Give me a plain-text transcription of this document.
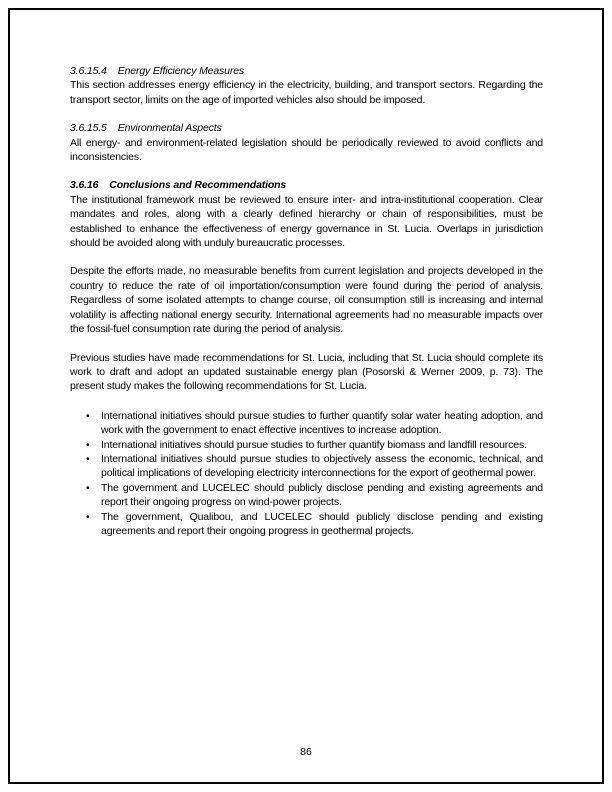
3.6.15.4 Energy Efficiency Measures

This section addresses energy efficiency in the electricity, building, and transport sectors. Regarding the transport sector, limits on the age of imported vehicles also should be imposed.

3.6.15.5 Environmental Aspects

All energy- and environment-related legislation should be periodically reviewed to avoid conflicts and inconsistencies.

3.6.16 Conclusions and Recommendations

The institutional framework must be reviewed to ensure inter- and intra-institutional cooperation. Clear mandates and roles, along with a clearly defined hierarchy or chain of responsibilities, must be established to enhance the effectiveness of energy governance in St. Lucia. Overlaps in jurisdiction should be avoided along with unduly bureaucratic processes.

Despite the efforts made, no measurable benefits from current legislation and projects developed in the country to reduce the rate of oil importation/consumption were found during the period of analysis. Regardless of some isolated attempts to change course, oil consumption still is increasing and internal volatility is affecting national energy security. International agreements had no measurable impacts over the fossil-fuel consumption rate during the period of analysis.

Previous studies have made recommendations for St. Lucia, including that St. Lucia should complete its work to draft and adopt an updated sustainable energy plan (Posorski & Werner 2009, p. 73). The present study makes the following recommendations for St. Lucia.

• International initiatives should pursue studies to further quantify solar water heating adoption, and work with the government to enact effective incentives to increase adoption.
• International initiatives should pursue studies to further quantify biomass and landfill resources.
• International initiatives should pursue studies to objectively assess the economic, technical, and political implications of developing electricity interconnections for the export of geothermal power.
• The government and LUCELEC should publicly disclose pending and existing agreements and report their ongoing progress on wind-power projects.
• The government, Qualibou, and LUCELEC should publicly disclose pending and existing agreements and report their ongoing progress in geothermal projects.
86
